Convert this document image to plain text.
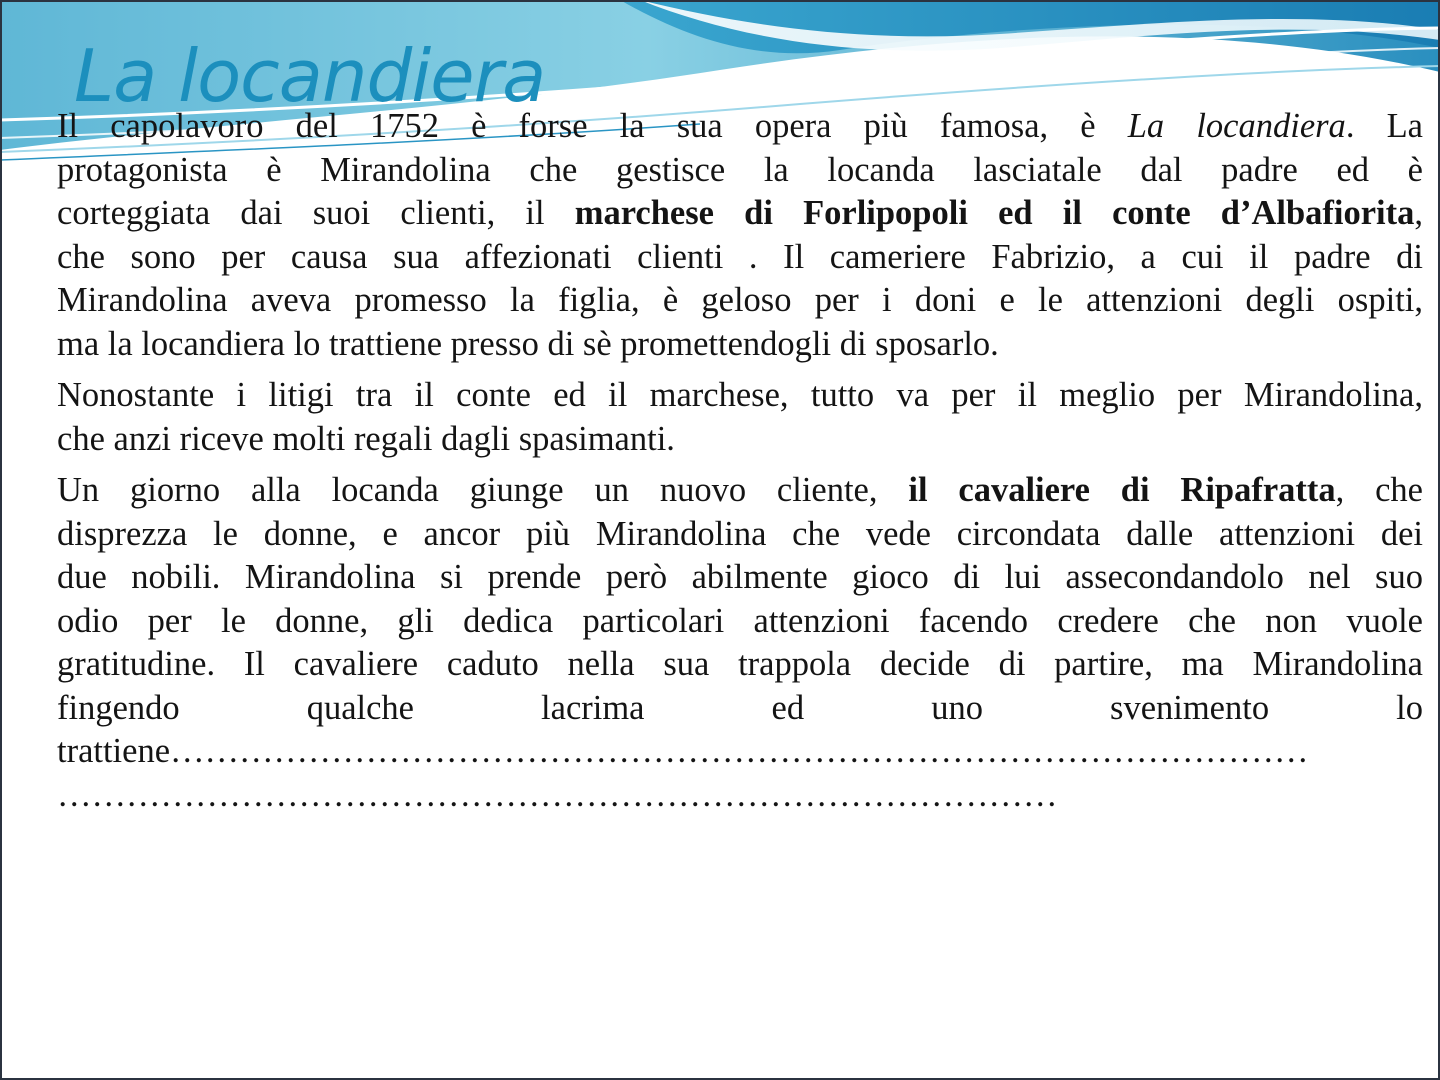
La locandiera
Il capolavoro del 1752 è forse la sua opera più famosa, è La locandiera. La
protagonista è Mirandolina che gestisce la locanda lasciatale dal padre ed è
corteggiata dai suoi clienti, il marchese di Forlipopoli ed il conte d’Albafiorita,
che sono per causa sua affezionati clienti . Il cameriere Fabrizio, a cui il padre di
Mirandolina aveva promesso la figlia, è geloso per i doni e le attenzioni degli ospiti,
ma la locandiera lo trattiene presso di sè promettendogli di sposarlo.
Nonostante i litigi tra il conte ed il marchese, tutto va per il meglio per Mirandolina,
che anzi riceve molti regali dagli spasimanti.
Un giorno alla locanda giunge un nuovo cliente, il cavaliere di Ripafratta, che
disprezza le donne, e ancor più Mirandolina che vede circondata dalle attenzioni dei
due nobili. Mirandolina si prende però abilmente gioco di lui assecondandolo nel suo
odio per le donne, gli dedica particolari attenzioni facendo credere che non vuole
gratitudine. Il cavaliere caduto nella sua trappola decide di partire, ma Mirandolina
fingendo qualche lacrima ed uno svenimento lo
trattiene………………………………………………………………………………………
……………………………………………………………………………
